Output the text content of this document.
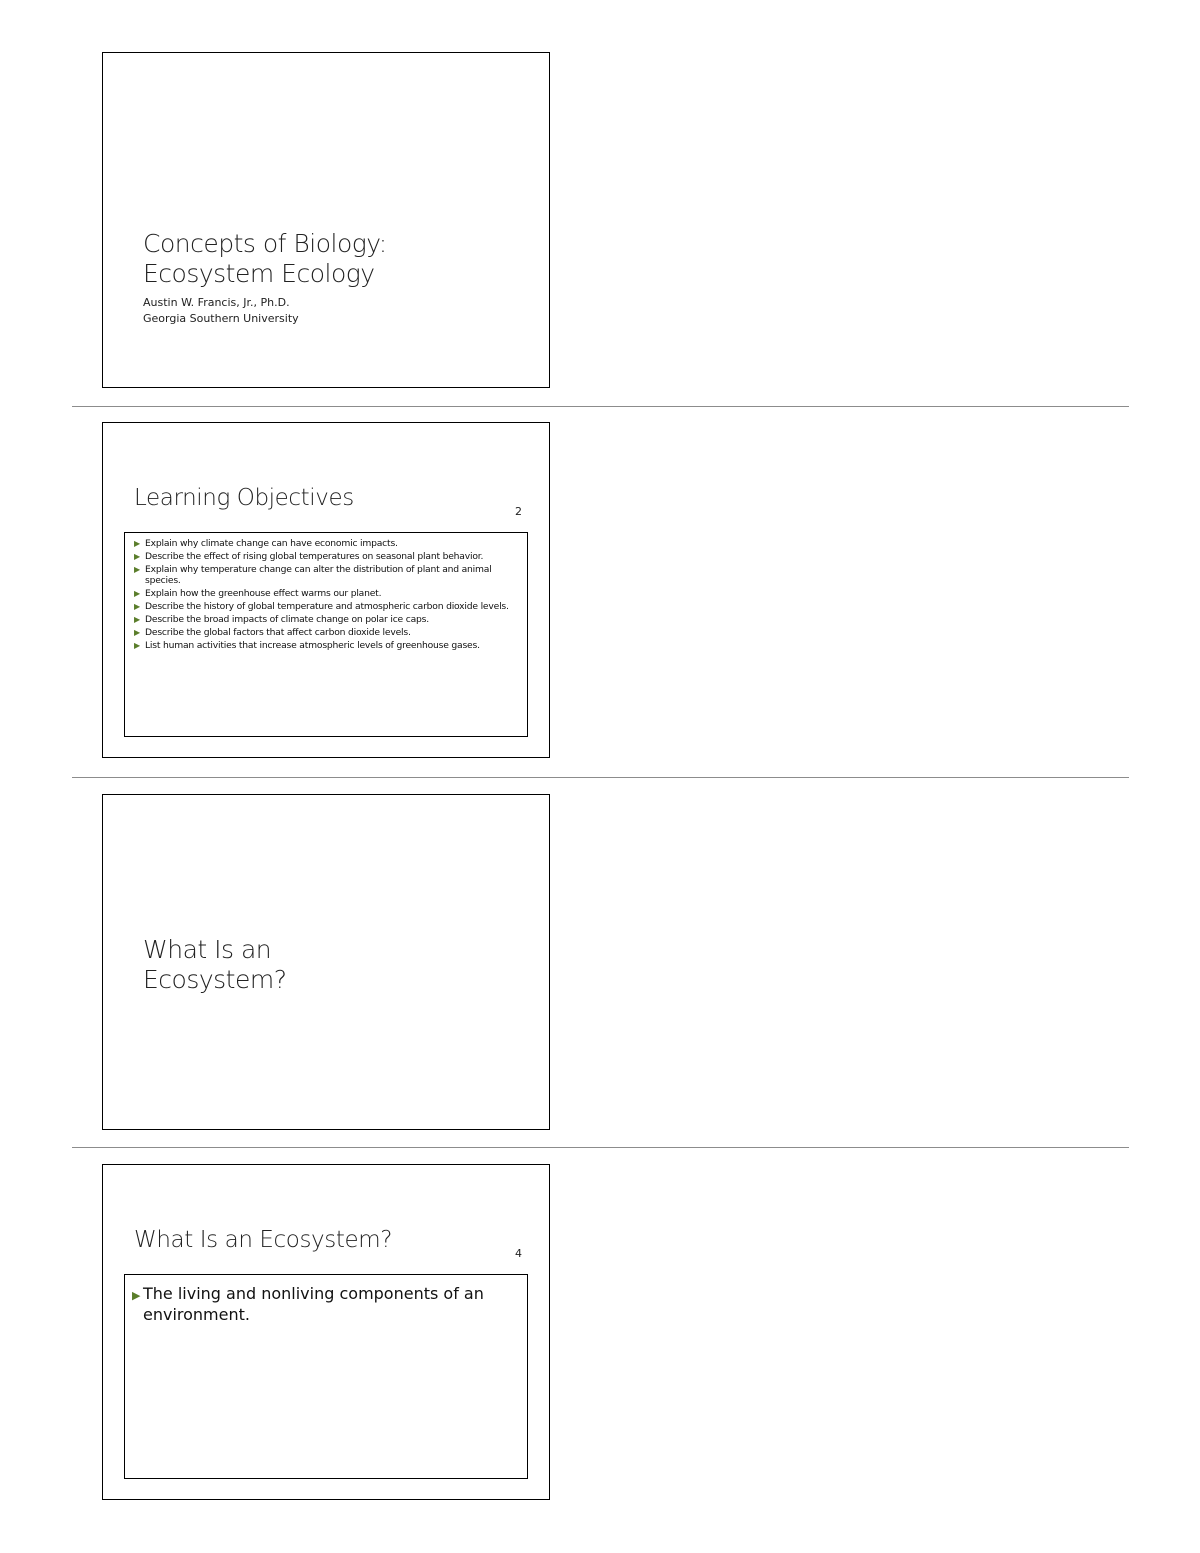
Concepts of Biology:

Ecosystem Ecology

Austin W. Francis, Jr., Ph.D.

Georgia Southern University

Learning Objectives
2
▶ Explain why climate change can have economic impacts.
▶ Describe the effect of rising global temperatures on seasonal plant behavior.
▶ Explain why temperature change can alter the distribution of plant and animal species.
▶ Explain how the greenhouse effect warms our planet.
▶ Describe the history of global temperature and atmospheric carbon dioxide levels.
▶ Describe the broad impacts of climate change on polar ice caps.
▶ Describe the global factors that affect carbon dioxide levels.
▶ List human activities that increase atmospheric levels of greenhouse gases.

What Is an

Ecosystem?

What Is an Ecosystem?
4
▶ The living and nonliving components of an environment.
